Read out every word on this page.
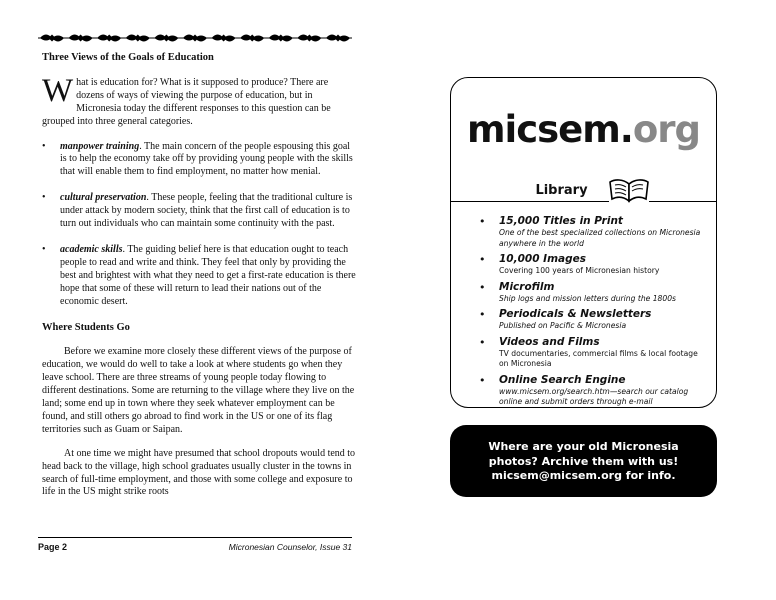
Three Views of the Goals of Education

What is education for? What is it supposed to produce? There are dozens of ways of viewing the purpose of education, but in Micronesia today the different responses to this question can be grouped into three general categories.

• manpower training. The main concern of the people espousing this goal is to help the economy take off by providing young people with the skills that will enable them to find employment, no matter how menial.
• cultural preservation. These people, feeling that the traditional culture is under attack by modern society, think that the first call of education is to turn out individuals who can maintain some continuity with the past.
• academic skills. The guiding belief here is that education ought to teach people to read and write and think. They feel that only by providing the best and brightest with what they need to get a first-rate education is there hope that some of these will return to lead their nations out of the economic desert.
Where Students Go

Before we examine more closely these different views of the purpose of education, we would do well to take a look at where students go when they leave school. There are three streams of young people today flowing to different destinations. Some are returning to the village where they live on the land; some end up in town where they seek whatever employment can be found, and still others go abroad to find work in the US or one of its flag territories such as Guam or Saipan.

At one time we might have presumed that school dropouts would tend to head back to the village, high school graduates usually cluster in the towns in search of full-time employment, and those with some college and exposure to life in the US might strike roots

Page 2	Micronesian Counselor, Issue 31
micsem.org
Library
• 15,000 Titles in Print
One of the best specialized collections on Micronesia anywhere in the world
• 10,000 Images
Covering 100 years of Micronesian history
• Microfilm
Ship logs and mission letters during the 1800s
• Periodicals & Newsletters
Published on Pacific & Micronesia
• Videos and Films
TV documentaries, commercial films & local footage on Micronesia
• Online Search Engine
www.micsem.org/search.htm—search our catalog online and submit orders through e-mail
Where are your old Micronesia
photos? Archive them with us!
micsem@micsem.org for info.
